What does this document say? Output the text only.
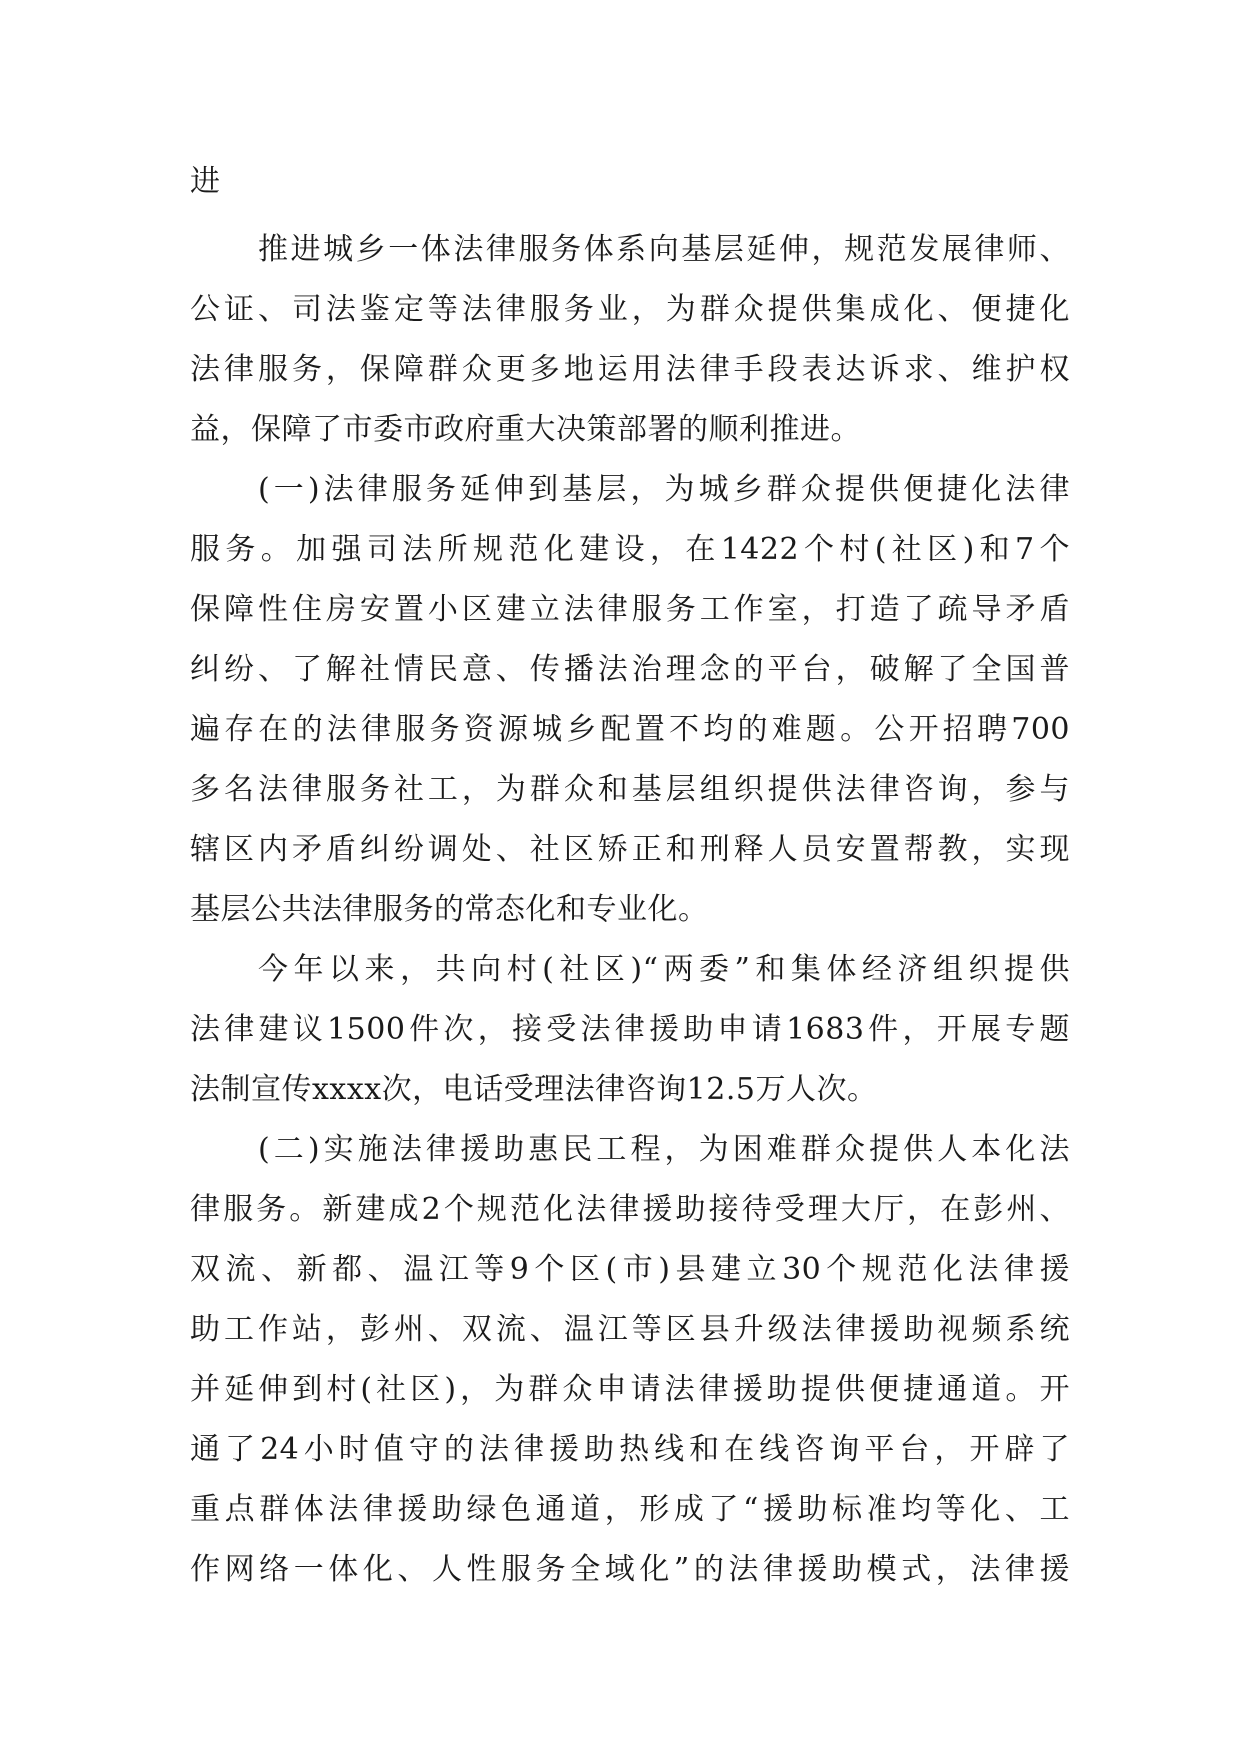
进
推进城乡一体法律服务体系向基层延伸，规范发展律师、
公证、司法鉴定等法律服务业，为群众提供集成化、便捷化
法律服务，保障群众更多地运用法律手段表达诉求、维护权
益，保障了市委市政府重大决策部署的顺利推进。
(一)法律服务延伸到基层，为城乡群众提供便捷化法律
服务。加强司法所规范化建设，在1422个村(社区)和7个
保障性住房安置小区建立法律服务工作室，打造了疏导矛盾
纠纷、了解社情民意、传播法治理念的平台，破解了全国普
遍存在的法律服务资源城乡配置不均的难题。公开招聘700
多名法律服务社工，为群众和基层组织提供法律咨询，参与
辖区内矛盾纠纷调处、社区矫正和刑释人员安置帮教，实现
基层公共法律服务的常态化和专业化。
今年以来，共向村(社区)“两委”和集体经济组织提供
法律建议1500件次，接受法律援助申请1683件，开展专题
法制宣传xxxx次，电话受理法律咨询12.5万人次。
(二)实施法律援助惠民工程，为困难群众提供人本化法
律服务。新建成2个规范化法律援助接待受理大厅，在彭州、
双流、新都、温江等9个区(市)县建立30个规范化法律援
助工作站，彭州、双流、温江等区县升级法律援助视频系统
并延伸到村(社区)，为群众申请法律援助提供便捷通道。开
通了24小时值守的法律援助热线和在线咨询平台，开辟了
重点群体法律援助绿色通道，形成了“援助标准均等化、工
作网络一体化、人性服务全域化”的法律援助模式，法律援
